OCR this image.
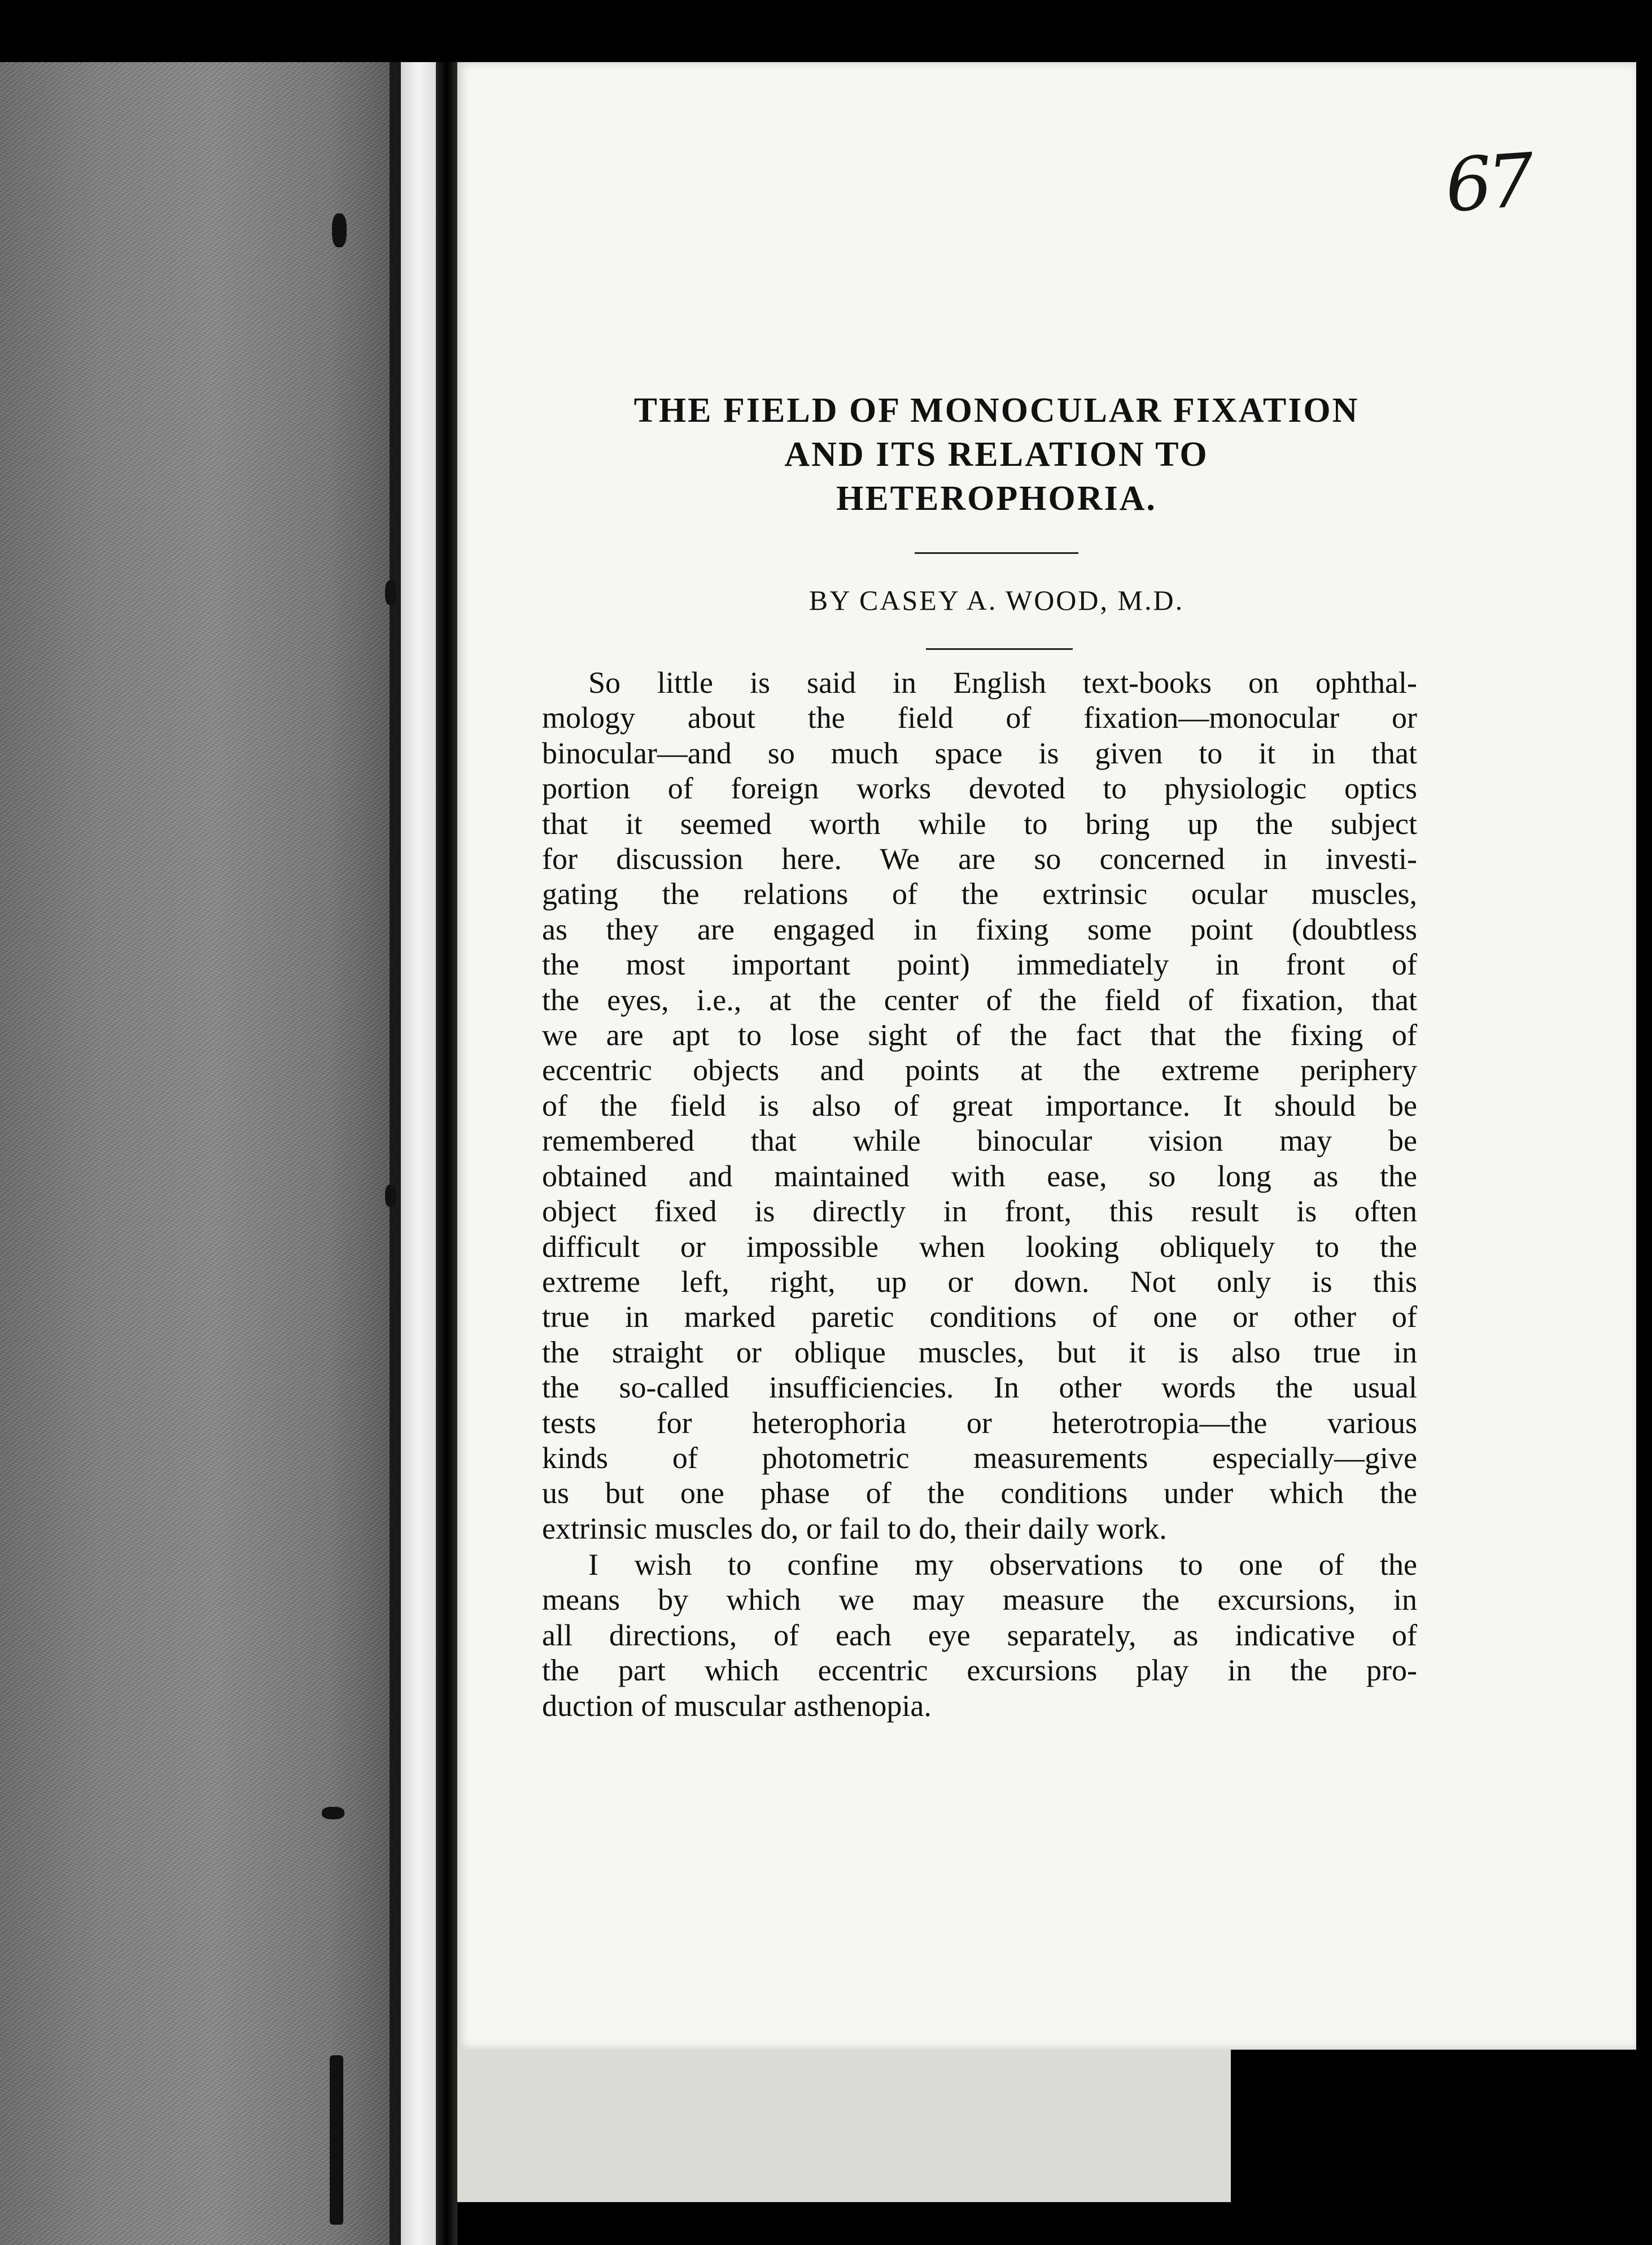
67
THE FIELD OF MONOCULAR FIXATION
AND ITS RELATION TO
HETEROPHORIA.

BY CASEY A. WOOD, M.D.

So little is said in English text-books on ophthal-
mology about the field of fixation—monocular or
binocular—and so much space is given to it in that
portion of foreign works devoted to physiologic optics
that it seemed worth while to bring up the subject
for discussion here. We are so concerned in investi-
gating the relations of the extrinsic ocular muscles,
as they are engaged in fixing some point (doubtless
the most important point) immediately in front of
the eyes, i.e., at the center of the field of fixation, that
we are apt to lose sight of the fact that the fixing of
eccentric objects and points at the extreme periphery
of the field is also of great importance. It should be
remembered that while binocular vision may be
obtained and maintained with ease, so long as the
object fixed is directly in front, this result is often
difficult or impossible when looking obliquely to the
extreme left, right, up or down. Not only is this
true in marked paretic conditions of one or other of
the straight or oblique muscles, but it is also true in
the so-called insufficiencies. In other words the usual
tests for heterophoria or heterotropia—the various
kinds of photometric measurements especially—give
us but one phase of the conditions under which the
extrinsic muscles do, or fail to do, their daily work.
I wish to confine my observations to one of the
means by which we may measure the excursions, in
all directions, of each eye separately, as indicative of
the part which eccentric excursions play in the pro-
duction of muscular asthenopia.
